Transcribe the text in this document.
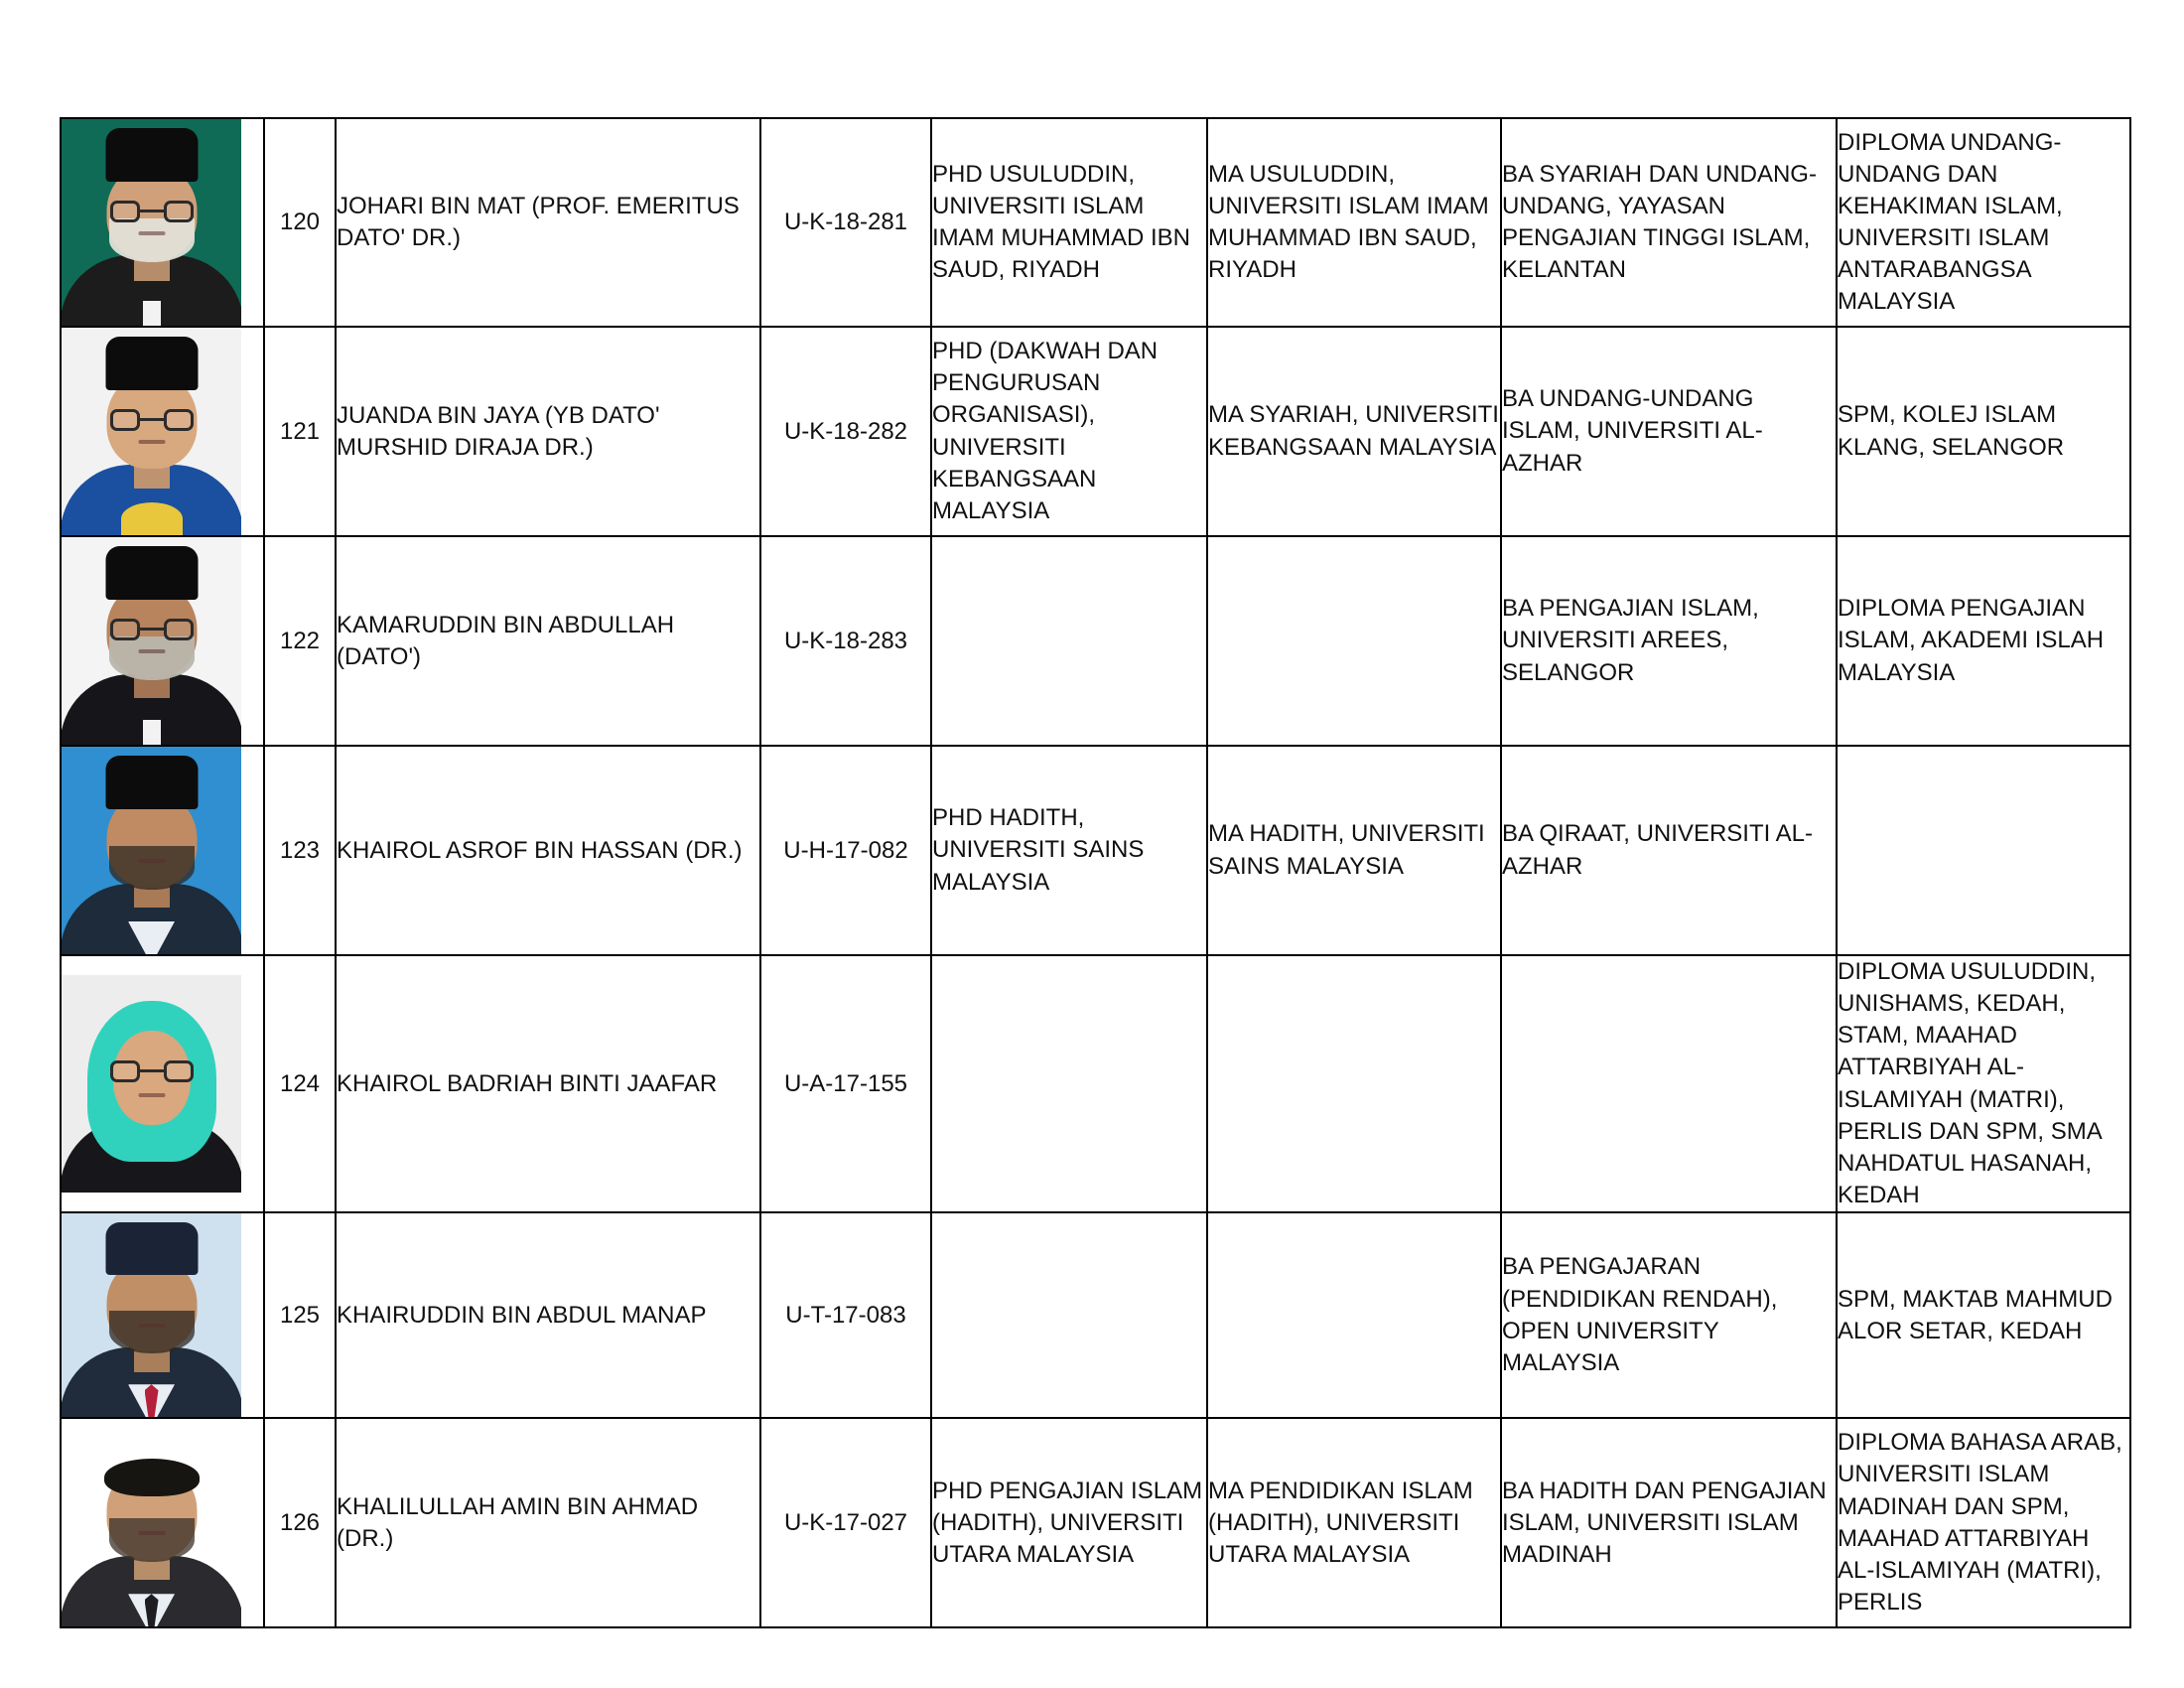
	120	JOHARI BIN MAT (PROF. EMERITUS DATO' DR.)	U-K-18-281	PHD USULUDDIN, UNIVERSITI ISLAM IMAM MUHAMMAD IBN SAUD, RIYADH	MA USULUDDIN, UNIVERSITI ISLAM IMAM MUHAMMAD IBN SAUD, RIYADH	BA SYARIAH DAN UNDANG-UNDANG, YAYASAN PENGAJIAN TINGGI ISLAM, KELANTAN	DIPLOMA UNDANG-UNDANG DAN KEHAKIMAN ISLAM, UNIVERSITI ISLAM ANTARABANGSA MALAYSIA

	121	JUANDA BIN JAYA (YB DATO' MURSHID DIRAJA DR.)	U-K-18-282	PHD (DAKWAH DAN PENGURUSAN ORGANISASI), UNIVERSITI KEBANGSAAN MALAYSIA	MA SYARIAH, UNIVERSITI KEBANGSAAN MALAYSIA	BA UNDANG-UNDANG ISLAM, UNIVERSITI AL-AZHAR	SPM, KOLEJ ISLAM KLANG, SELANGOR

	122	KAMARUDDIN BIN ABDULLAH (DATO')	U-K-18-283			BA PENGAJIAN ISLAM, UNIVERSITI AREES, SELANGOR	DIPLOMA PENGAJIAN ISLAM, AKADEMI ISLAH MALAYSIA

	123	KHAIROL ASROF BIN HASSAN (DR.)	U-H-17-082	PHD HADITH, UNIVERSITI SAINS MALAYSIA	MA HADITH, UNIVERSITI SAINS MALAYSIA	BA QIRAAT, UNIVERSITI AL-AZHAR	

	124	KHAIROL BADRIAH BINTI JAAFAR	U-A-17-155				DIPLOMA USULUDDIN, UNISHAMS, KEDAH, STAM, MAAHAD ATTARBIYAH AL-ISLAMIYAH (MATRI), PERLIS DAN SPM, SMA NAHDATUL HASANAH, KEDAH

	125	KHAIRUDDIN BIN ABDUL MANAP	U-T-17-083			BA PENGAJARAN (PENDIDIKAN RENDAH), OPEN UNIVERSITY MALAYSIA	SPM, MAKTAB MAHMUD ALOR SETAR, KEDAH

	126	KHALILULLAH AMIN BIN AHMAD (DR.)	U-K-17-027	PHD PENGAJIAN ISLAM (HADITH), UNIVERSITI UTARA MALAYSIA	MA PENDIDIKAN ISLAM (HADITH), UNIVERSITI UTARA MALAYSIA	BA HADITH DAN PENGAJIAN ISLAM, UNIVERSITI ISLAM MADINAH	DIPLOMA BAHASA ARAB, UNIVERSITI ISLAM MADINAH DAN SPM, MAAHAD ATTARBIYAH AL-ISLAMIYAH (MATRI), PERLIS
